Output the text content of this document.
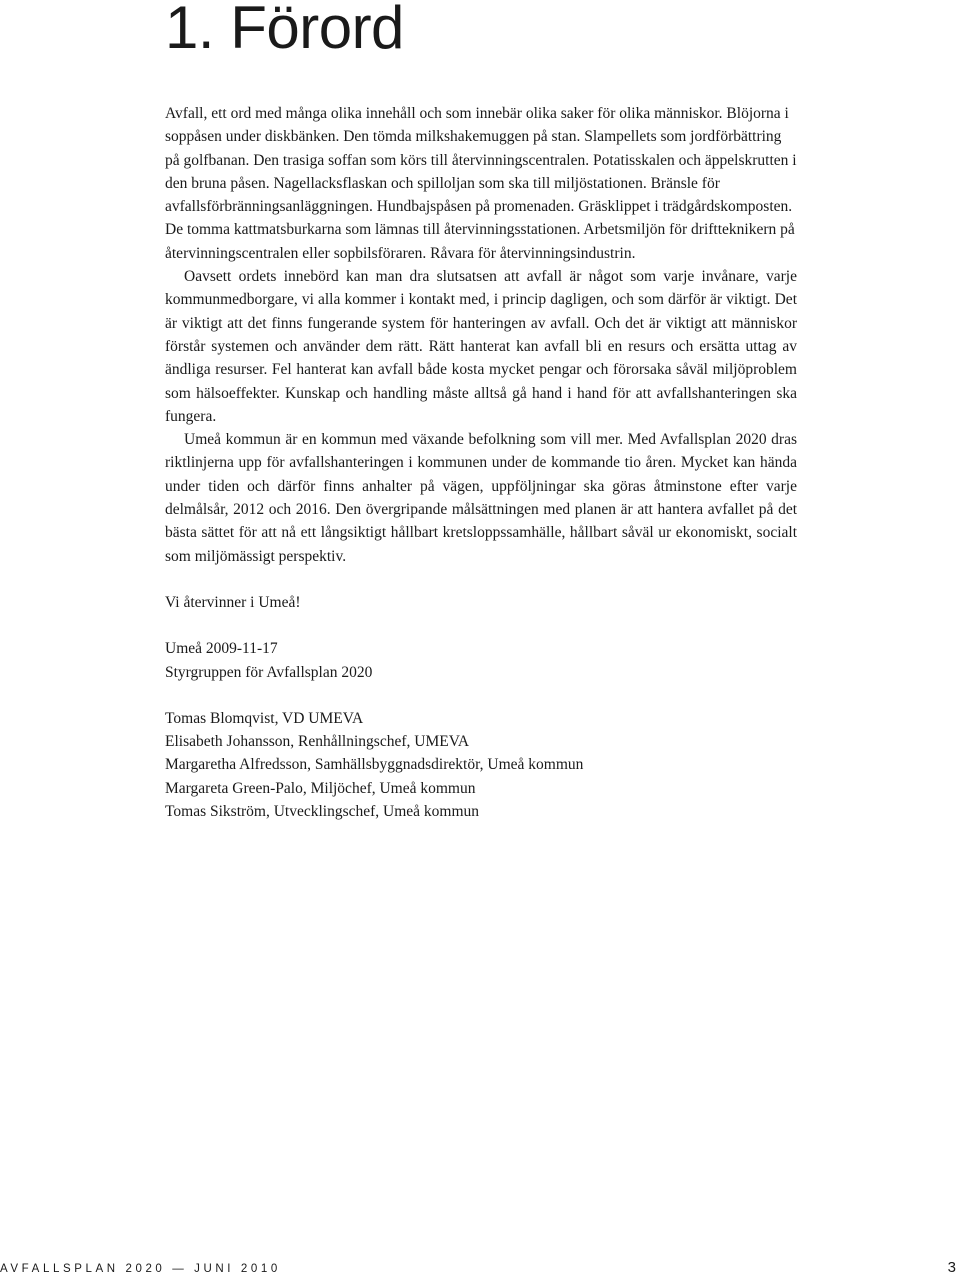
1. Förord

Avfall, ett ord med många olika innehåll och som innebär olika saker för olika människor. Blöjorna i soppåsen under diskbänken. Den tömda milkshakemuggen på stan. Slampellets som jordförbättring på golfbanan. Den trasiga soffan som körs till återvinningscentralen. Potatisskalen och äppelskrutten i den bruna påsen. Nagellacksflaskan och spilloljan som ska till miljöstationen. Bränsle för avfallsförbränningsanläggningen. Hundbajspåsen på promenaden. Gräsklippet i trädgårdskomposten. De tomma kattmatsburkarna som lämnas till återvinningsstationen. Arbetsmiljön för driftteknikern på återvinningscentralen eller sopbilsföraren. Råvara för återvinningsindustrin.

Oavsett ordets innebörd kan man dra slutsatsen att avfall är något som varje invånare, varje kommunmedborgare, vi alla kommer i kontakt med, i princip dagligen, och som därför är viktigt. Det är viktigt att det finns fungerande system för hanteringen av avfall. Och det är viktigt att människor förstår systemen och använder dem rätt. Rätt hanterat kan avfall bli en resurs och ersätta uttag av ändliga resurser. Fel hanterat kan avfall både kosta mycket pengar och förorsaka såväl miljöproblem som hälsoeffekter. Kunskap och handling måste alltså gå hand i hand för att avfallshanteringen ska fungera.

Umeå kommun är en kommun med växande befolkning som vill mer. Med Avfallsplan 2020 dras riktlinjerna upp för avfallshanteringen i kommunen under de kommande tio åren. Mycket kan hända under tiden och därför finns anhalter på vägen, uppföljningar ska göras åtminstone efter varje delmålsår, 2012 och 2016. Den övergripande målsättningen med planen är att hantera avfallet på det bästa sättet för att nå ett långsiktigt hållbart kretsloppssamhälle, hållbart såväl ur ekonomiskt, socialt som miljömässigt perspektiv.

Vi återvinner i Umeå!
Umeå 2009-11-17
Styrgruppen för Avfallsplan 2020
Tomas Blomqvist, VD UMEVA
Elisabeth Johansson, Renhållningschef, UMEVA
Margaretha Alfredsson, Samhällsbyggnadsdirektör, Umeå kommun
Margareta Green-Palo, Miljöchef, Umeå kommun
Tomas Sikström, Utvecklingschef, Umeå kommun
AVFALLSPLAN 2020 — JUNI 2010	3
